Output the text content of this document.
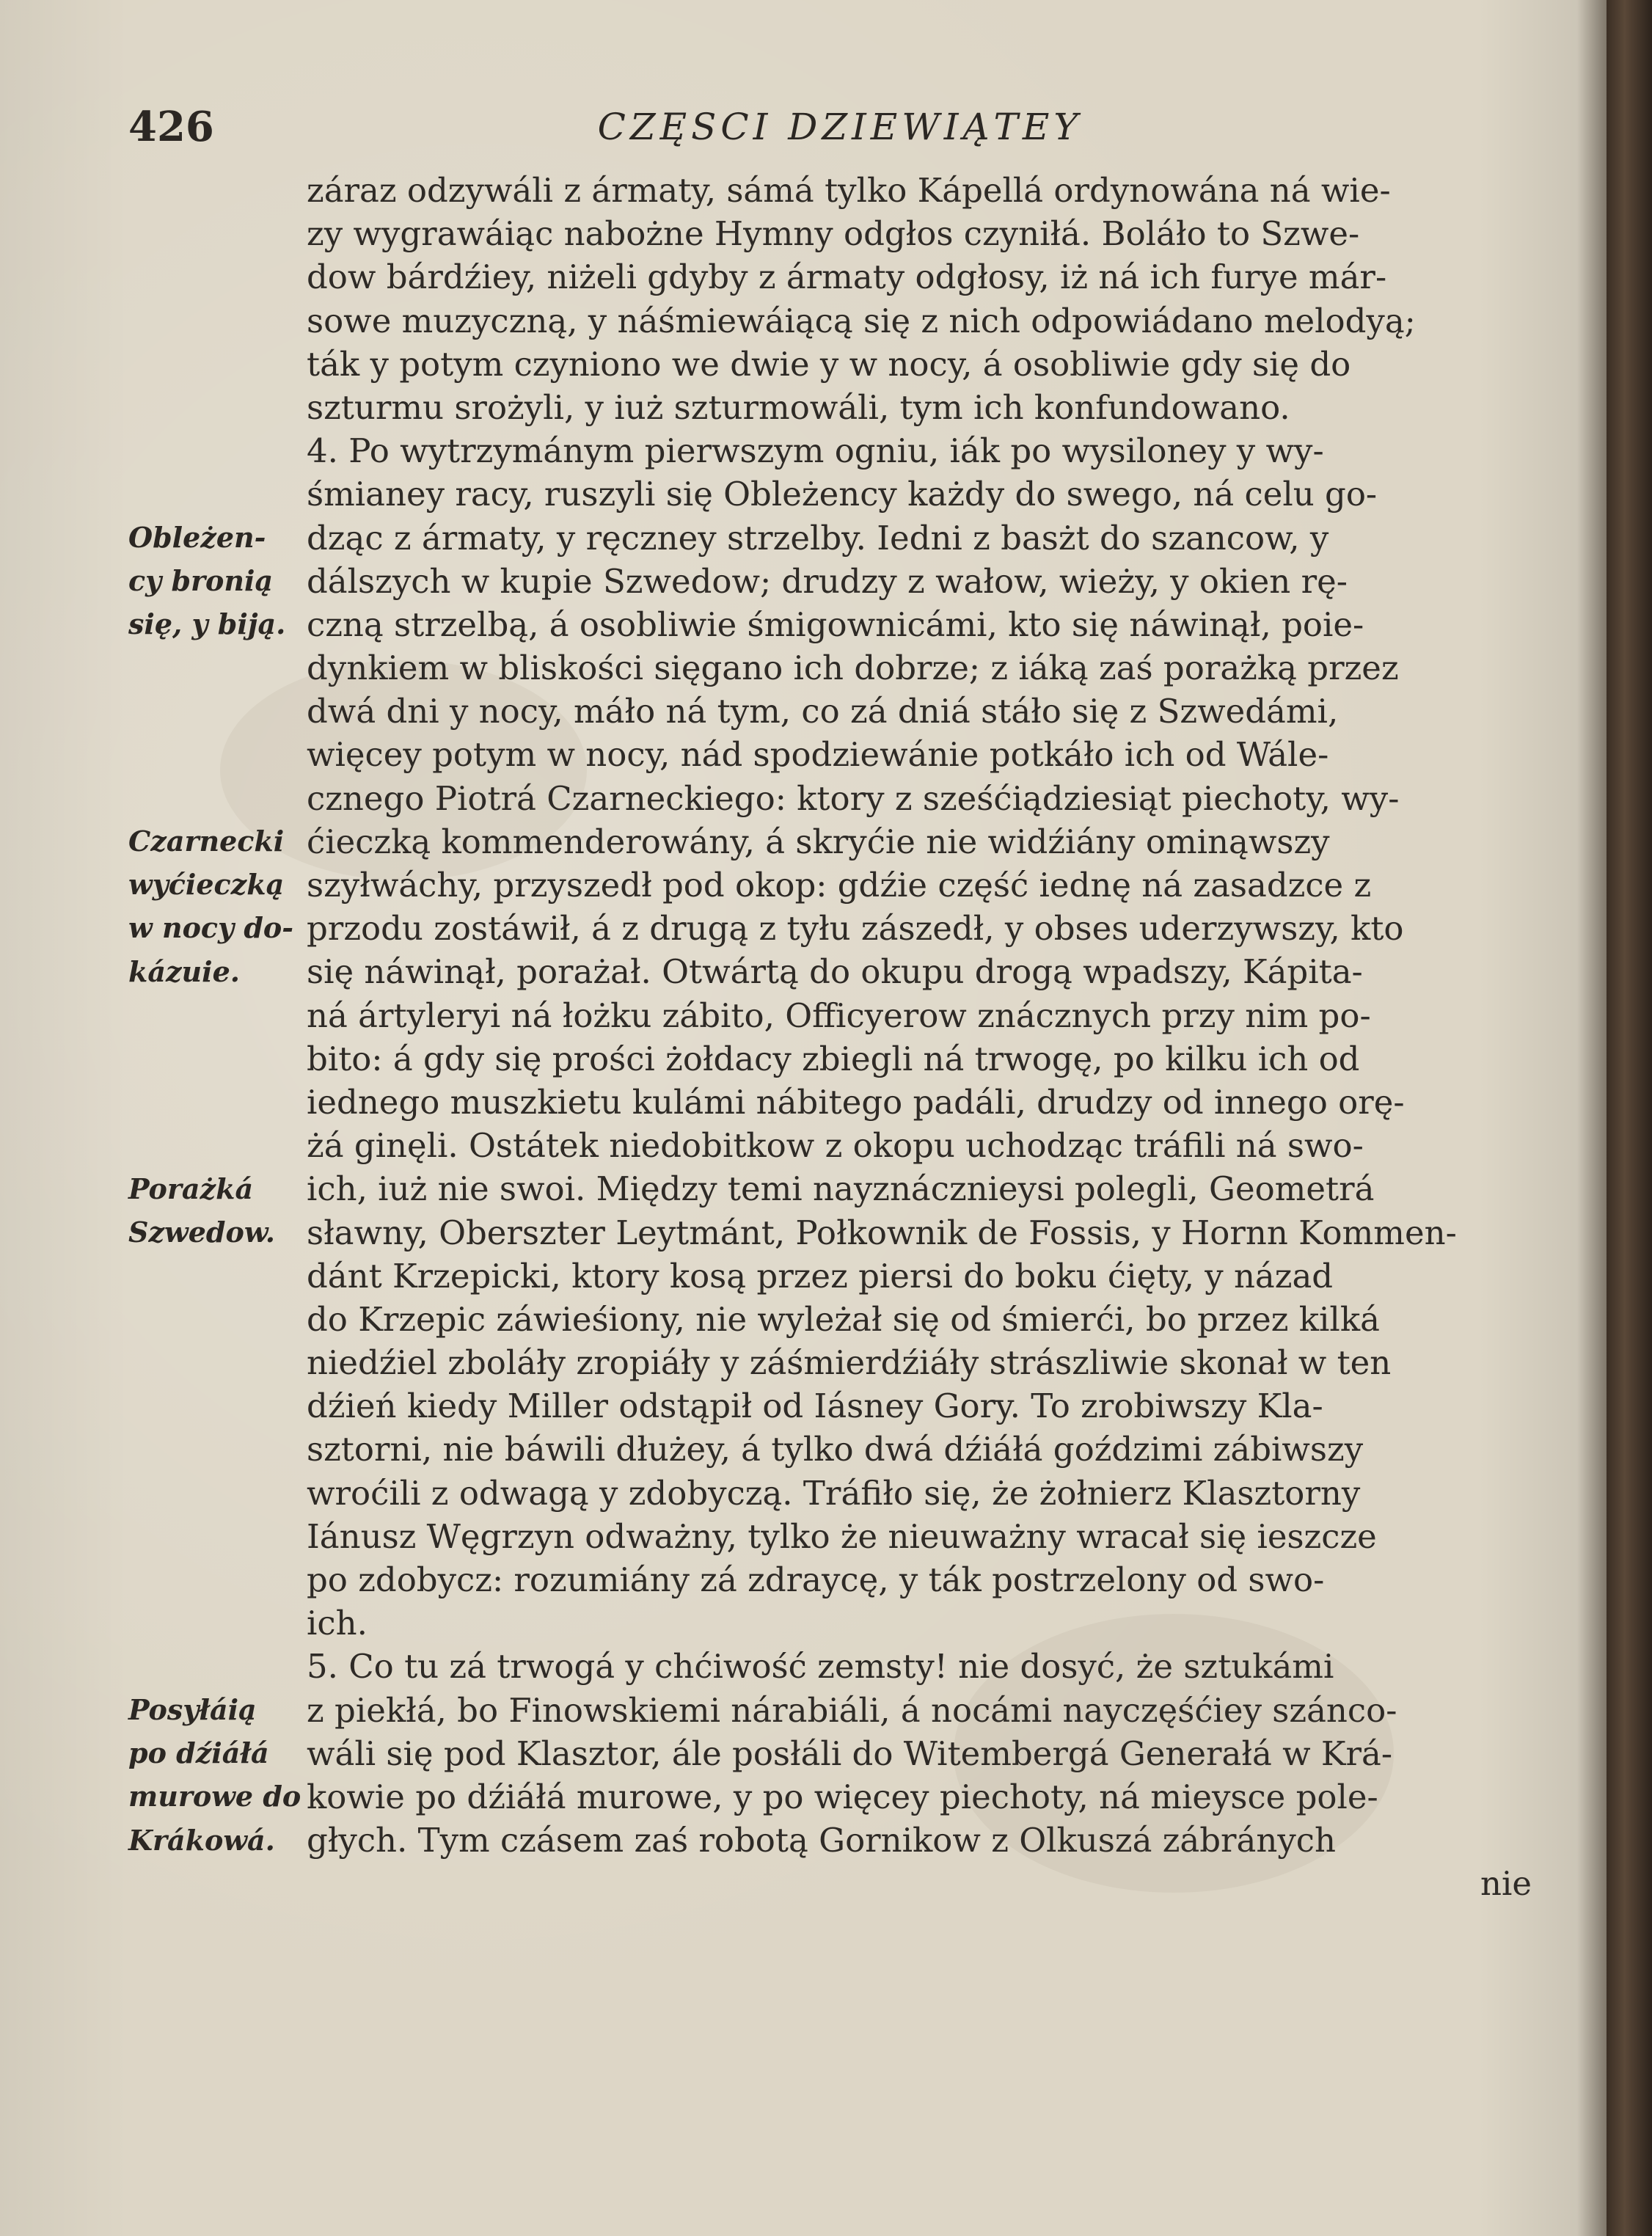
426	CZĘSCI DZIEWIĄTEY
záraz odzywáli z ármaty, sámá tylko Kápellá ordynowána ná wie-
zy wygrawáiąc nabożne Hymny odgłos czyniłá. Boláło to Szwe-
dow bárdźiey, niżeli gdyby z ármaty odgłosy, iż ná ich furye már-
sowe muzyczną, y náśmiewáiącą się z nich odpowiádano melodyą;
ták y potym czyniono we dwie y w nocy, á osobliwie gdy się do
szturmu srożyli, y iuż szturmowáli, tym ich konfundowano.
4. Po wytrzymánym pierwszym ogniu, iák po wysiloney y wy-
śmianey racy, ruszyli się Obleżency każdy do swego, ná celu go-
dząc z ármaty, y ręczney strzelby. Iedni z basżt do szancow, y
dálszych w kupie Szwedow; drudzy z wałow, wieży, y okien rę-
czną strzelbą, á osobliwie śmigownicámi, kto się náwinął, poie-
dynkiem w bliskości sięgano ich dobrze; z iáką zaś porażką przez
dwá dni y nocy, máło ná tym, co zá dniá stáło się z Szwedámi,
więcey potym w nocy, nád spodziewánie potkáło ich od Wále-
cznego Piotrá Czarneckiego: ktory z sześćiądziesiąt piechoty, wy-
ćieczką kommenderowány, á skryćie nie widźiány ominąwszy
szyłwáchy, przyszedł pod okop: gdźie część iednę ná zasadzce z
przodu zostáwił, á z drugą z tyłu zászedł, y obses uderzywszy, kto
się náwinął, porażał. Otwártą do okupu drogą wpadszy, Kápita-
ná ártyleryi ná łożku zábito, Officyerow znácznych przy nim po-
bito: á gdy się prości żołdacy zbiegli ná trwogę, po kilku ich od
iednego muszkietu kulámi nábitego padáli, drudzy od innego orę-
żá ginęli. Ostátek niedobitkow z okopu uchodząc tráfili ná swo-
ich, iuż nie swoi. Między temi nayznácznieysi polegli, Geometrá
sławny, Oberszter Leytmánt, Połkownik de Fossis, y Hornn Kommen-
dánt Krzepicki, ktory kosą przez piersi do boku ćięty, y názad
do Krzepic záwieśiony, nie wyleżał się od śmierći, bo przez kilká
niedźiel zboláły zropiáły y záśmierdźiáły strászliwie skonał w ten
dźień kiedy Miller odstąpił od Iásney Gory. To zrobiwszy Kla-
sztorni, nie báwili dłużey, á tylko dwá dźiáłá goździmi zábiwszy
wroćili z odwagą y zdobyczą. Tráfiło się, że żołnierz Klasztorny
Iánusz Węgrzyn odważny, tylko że nieuważny wracał się ieszcze
po zdobycz: rozumiány zá zdraycę, y ták postrzelony od swo-
ich.
5. Co tu zá trwogá y chćiwość zemsty! nie dosyć, że sztukámi
z piekłá, bo Finowskiemi nárabiáli, á nocámi nayczęśćiey szánco-
wáli się pod Klasztor, ále posłáli do Witembergá Generałá w Krá-
kowie po dźiáłá murowe, y po więcey piechoty, ná mieysce pole-
głych. Tym czásem zaś robotą Gornikow z Olkuszá zábránych
nie
Obleżen-
cy bronią
się, y biją.
Czarnecki
wyćieczką
w nocy do-
kázuie.
Porażká
Szwedow.
Posyłáią
po dźiáłá
murowe do
Krákowá.
